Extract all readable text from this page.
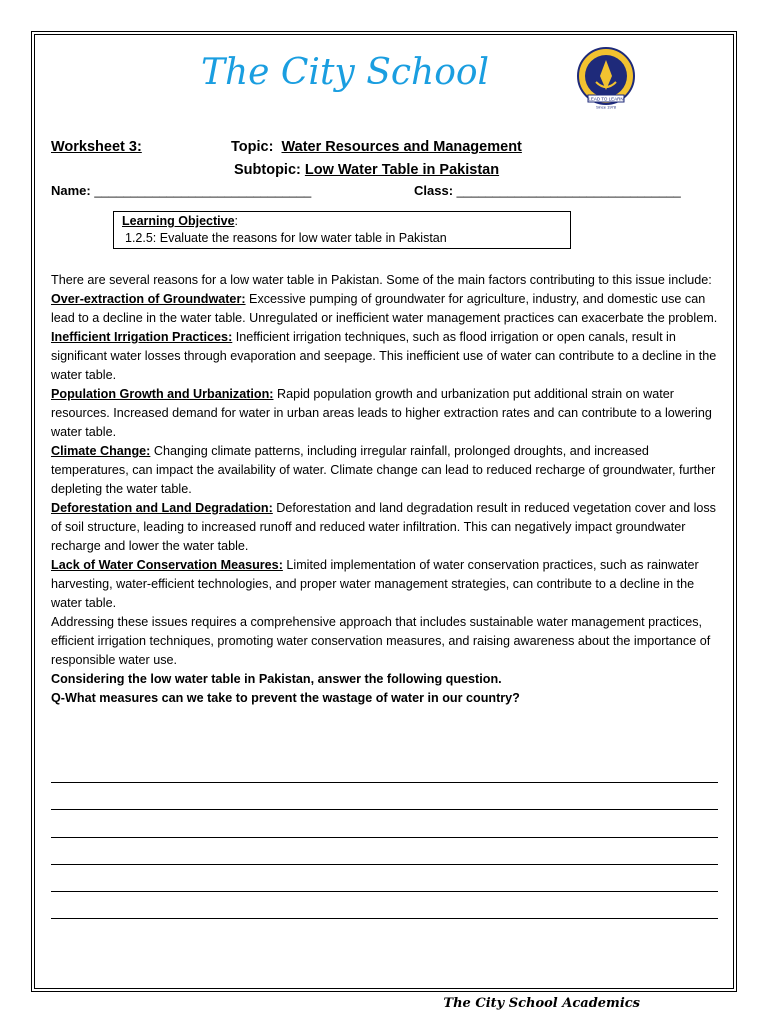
The City School
LEAD TO LEARN
Since 1978
Worksheet 3:	Topic: Water Resources and Management
Subtopic: Low Water Table in Pakistan
Name: ______________________________	Class: _______________________________
Learning Objective:
1.2.5: Evaluate the reasons for low water table in Pakistan

There are several reasons for a low water table in Pakistan. Some of the main factors contributing to this issue include:

Over-extraction of Groundwater: Excessive pumping of groundwater for agriculture, industry, and domestic use can lead to a decline in the water table. Unregulated or inefficient water management practices can exacerbate the problem.

Inefficient Irrigation Practices: Inefficient irrigation techniques, such as flood irrigation or open canals, result in significant water losses through evaporation and seepage. This inefficient use of water can contribute to a decline in the water table.

Population Growth and Urbanization: Rapid population growth and urbanization put additional strain on water resources. Increased demand for water in urban areas leads to higher extraction rates and can contribute to a lowering water table.

Climate Change: Changing climate patterns, including irregular rainfall, prolonged droughts, and increased temperatures, can impact the availability of water. Climate change can lead to reduced recharge of groundwater, further depleting the water table.

Deforestation and Land Degradation: Deforestation and land degradation result in reduced vegetation cover and loss of soil structure, leading to increased runoff and reduced water infiltration. This can negatively impact groundwater recharge and lower the water table.

Lack of Water Conservation Measures: Limited implementation of water conservation practices, such as rainwater harvesting, water-efficient technologies, and proper water management strategies, can contribute to a decline in the water table.

Addressing these issues requires a comprehensive approach that includes sustainable water management practices, efficient irrigation techniques, promoting water conservation measures, and raising awareness about the importance of responsible water use.

Considering the low water table in Pakistan, answer the following question.

Q-What measures can we take to prevent the wastage of water in our country?

The City School Academics
